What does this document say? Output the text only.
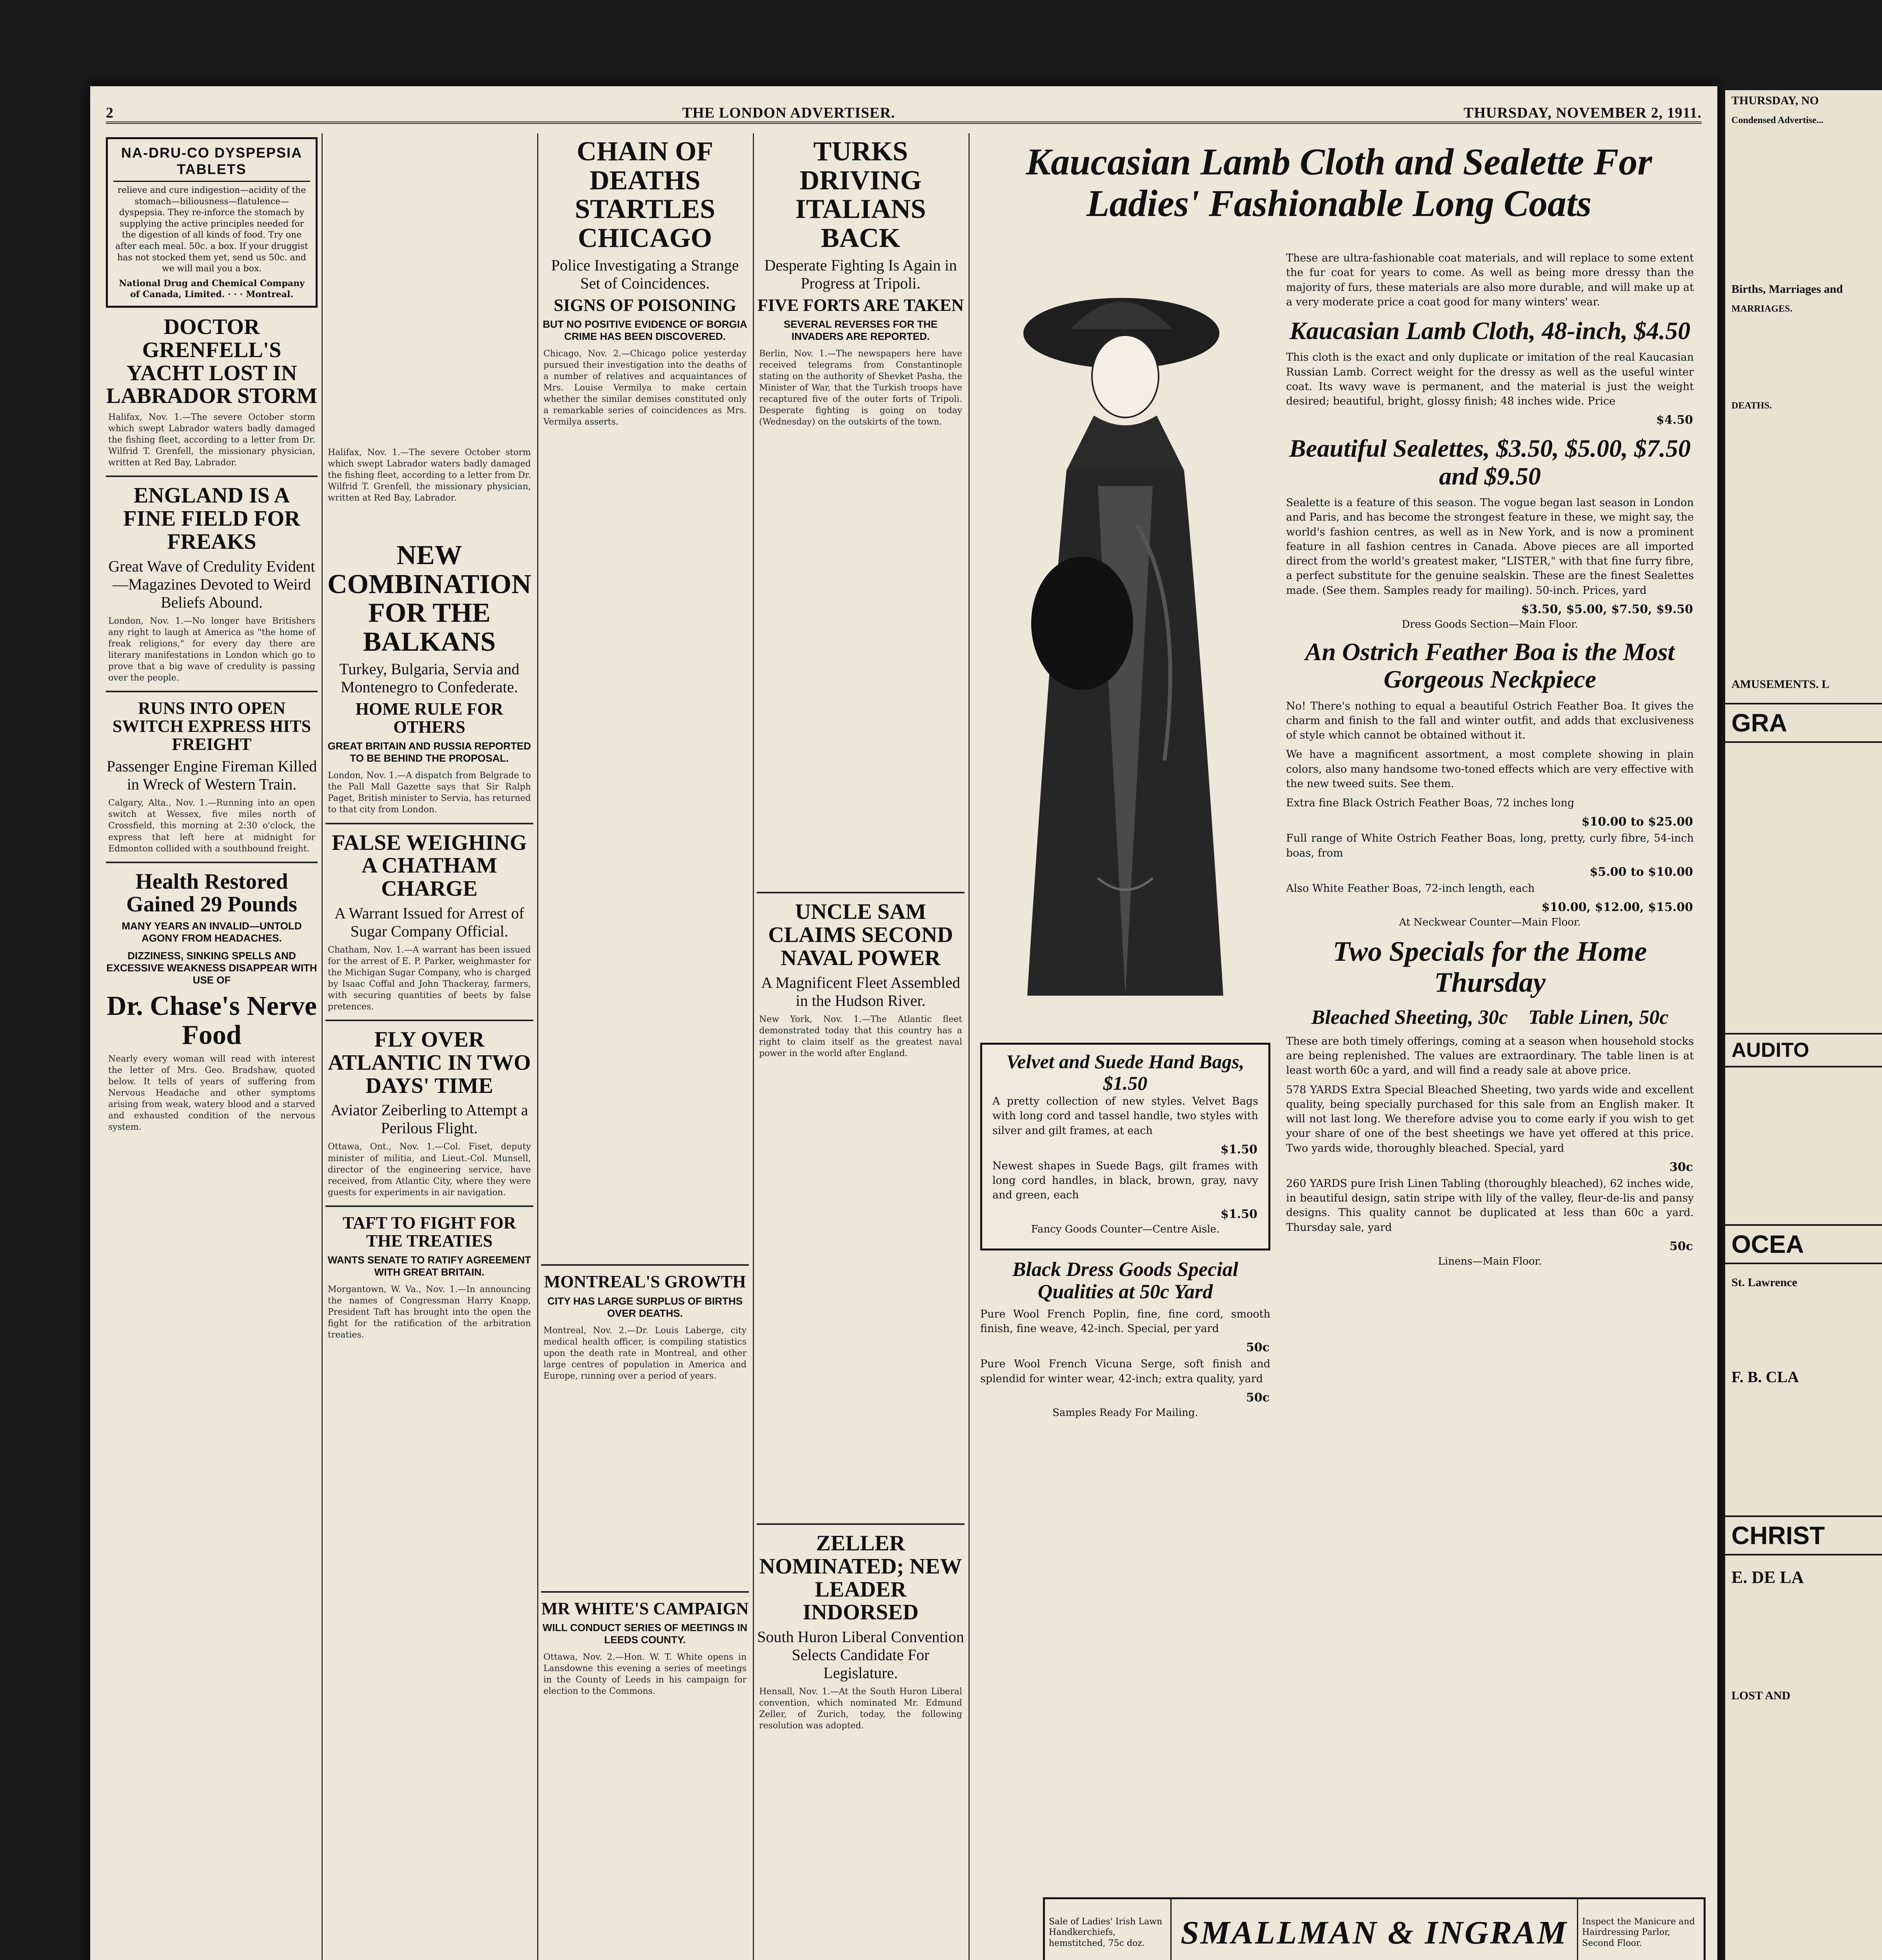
2	THE LONDON ADVERTISER.	THURSDAY, NOVEMBER 2, 1911.
NA-DRU-CO DYSPEPSIA TABLETS
relieve and cure indigestion—acidity of the stomach—biliousness—flatulence—dyspepsia. They re-inforce the stomach by supplying the active principles needed for the digestion of all kinds of food. Try one after each meal. 50c. a box. If your druggist has not stocked them yet, send us 50c. and we will mail you a box.
National Drug and Chemical Company of Canada, Limited. · · · Montreal.
DOCTOR GRENFELL'S YACHT LOST IN LABRADOR STORM
Halifax, Nov. 1.—The severe October storm which swept Labrador waters badly damaged the fishing fleet, according to a letter from Dr. Wilfrid T. Grenfell, the missionary physician, written at Red Bay, Labrador.
ENGLAND IS A FINE FIELD FOR FREAKS
Great Wave of Credulity Evident—Magazines Devoted to Weird Beliefs Abound.
London, Nov. 1.—No longer have Britishers any right to laugh at America as "the home of freak religions," for every day there are literary manifestations in London which go to prove that a big wave of credulity is passing over the people.
RUNS INTO OPEN SWITCH EXPRESS HITS FREIGHT
Passenger Engine Fireman Killed in Wreck of Western Train.
Calgary, Alta., Nov. 1.—Running into an open switch at Wessex, five miles north of Crossfield, this morning at 2:30 o'clock, the express that left here at midnight for Edmonton collided with a southbound freight.
Health Restored Gained 29 Pounds
MANY YEARS AN INVALID—UNTOLD AGONY FROM HEADACHES.
DIZZINESS, SINKING SPELLS AND EXCESSIVE WEAKNESS DISAPPEAR WITH USE OF
Dr. Chase's Nerve Food
Nearly every woman will read with interest the letter of Mrs. Geo. Bradshaw, quoted below. It tells of years of suffering from Nervous Headache and other symptoms arising from weak, watery blood and a starved and exhausted condition of the nervous system.
NEW COMBINATION FOR THE BALKANS
Turkey, Bulgaria, Servia and Montenegro to Confederate.
HOME RULE FOR OTHERS
GREAT BRITAIN AND RUSSIA REPORTED TO BE BEHIND THE PROPOSAL.
London, Nov. 1.—A dispatch from Belgrade to the Pall Mall Gazette says that Sir Ralph Paget, British minister to Servia, has returned to that city from London.
FALSE WEIGHING A CHATHAM CHARGE
A Warrant Issued for Arrest of Sugar Company Official.
Chatham, Nov. 1.—A warrant has been issued for the arrest of E. P. Parker, weighmaster for the Michigan Sugar Company, who is charged by Isaac Coffal and John Thackeray, farmers, with securing quantities of beets by false pretences.
FLY OVER ATLANTIC IN TWO DAYS' TIME
Aviator Zeiberling to Attempt a Perilous Flight.
Ottawa, Ont., Nov. 1.—Col. Fiset, deputy minister of militia, and Lieut.-Col. Munsell, director of the engineering service, have received, from Atlantic City, where they were guests for experiments in air navigation.
TAFT TO FIGHT FOR THE TREATIES
WANTS SENATE TO RATIFY AGREEMENT WITH GREAT BRITAIN.
Morgantown, W. Va., Nov. 1.—In announcing the names of Congressman Harry Knapp, President Taft has brought into the open the fight for the ratification of the arbitration treaties.
Halifax, Nov. 1.—The severe October storm which swept Labrador waters badly damaged the fishing fleet, according to a letter from Dr. Wilfrid T. Grenfell, the missionary physician, written at Red Bay, Labrador.
CHAIN OF DEATHS STARTLES CHICAGO
Police Investigating a Strange Set of Coincidences.
SIGNS OF POISONING
BUT NO POSITIVE EVIDENCE OF BORGIA CRIME HAS BEEN DISCOVERED.
Chicago, Nov. 2.—Chicago police yesterday pursued their investigation into the deaths of a number of relatives and acquaintances of Mrs. Louise Vermilya to make certain whether the similar demises constituted only a remarkable series of coincidences as Mrs. Vermilya asserts.
MONTREAL'S GROWTH
CITY HAS LARGE SURPLUS OF BIRTHS OVER DEATHS.
Montreal, Nov. 2.—Dr. Louis Laberge, city medical health officer, is compiling statistics upon the death rate in Montreal, and other large centres of population in America and Europe, running over a period of years.
MR WHITE'S CAMPAIGN
WILL CONDUCT SERIES OF MEETINGS IN LEEDS COUNTY.
Ottawa, Nov. 2.—Hon. W. T. White opens in Lansdowne this evening a series of meetings in the County of Leeds in his campaign for election to the Commons.
TURKS DRIVING ITALIANS BACK
Desperate Fighting Is Again in Progress at Tripoli.
FIVE FORTS ARE TAKEN
SEVERAL REVERSES FOR THE INVADERS ARE REPORTED.
Berlin, Nov. 1.—The newspapers here have received telegrams from Constantinople stating on the authority of Shevket Pasha, the Minister of War, that the Turkish troops have recaptured five of the outer forts of Tripoli. Desperate fighting is going on today (Wednesday) on the outskirts of the town.
UNCLE SAM CLAIMS SECOND NAVAL POWER
A Magnificent Fleet Assembled in the Hudson River.
New York, Nov. 1.—The Atlantic fleet demonstrated today that this country has a right to claim itself as the greatest naval power in the world after England.
ZELLER NOMINATED; NEW LEADER INDORSED
South Huron Liberal Convention Selects Candidate For Legislature.
Hensall, Nov. 1.—At the South Huron Liberal convention, which nominated Mr. Edmund Zeller, of Zurich, today, the following resolution was adopted.
Kaucasian Lamb Cloth and Sealette For Ladies' Fashionable Long Coats
Velvet and Suede Hand Bags, $1.50
A pretty collection of new styles. Velvet Bags with long cord and tassel handle, two styles with silver and gilt frames, at each
$1.50
Newest shapes in Suede Bags, gilt frames with long cord handles, in black, brown, gray, navy and green, each
$1.50
Fancy Goods Counter—Centre Aisle.
Black Dress Goods Special Qualities at 50c Yard
Pure Wool French Poplin, fine, fine cord, smooth finish, fine weave, 42-inch. Special, per yard
50c
Pure Wool French Vicuna Serge, soft finish and splendid for winter wear, 42-inch; extra quality, yard
50c
Samples Ready For Mailing.
These are ultra-fashionable coat materials, and will replace to some extent the fur coat for years to come. As well as being more dressy than the majority of furs, these materials are also more durable, and will make up at a very moderate price a coat good for many winters' wear.
Kaucasian Lamb Cloth, 48-inch, $4.50
This cloth is the exact and only duplicate or imitation of the real Kaucasian Russian Lamb. Correct weight for the dressy as well as the useful winter coat. Its wavy wave is permanent, and the material is just the weight desired; beautiful, bright, glossy finish; 48 inches wide. Price
$4.50
Beautiful Sealettes, $3.50, $5.00, $7.50 and $9.50
Sealette is a feature of this season. The vogue began last season in London and Paris, and has become the strongest feature in these, we might say, the world's fashion centres, as well as in New York, and is now a prominent feature in all fashion centres in Canada. Above pieces are all imported direct from the world's greatest maker, "LISTER," with that fine furry fibre, a perfect substitute for the genuine sealskin. These are the finest Sealettes made. (See them. Samples ready for mailing). 50-inch. Prices, yard
$3.50, $5.00, $7.50, $9.50
Dress Goods Section—Main Floor.
An Ostrich Feather Boa is the Most Gorgeous Neckpiece
No! There's nothing to equal a beautiful Ostrich Feather Boa. It gives the charm and finish to the fall and winter outfit, and adds that exclusiveness of style which cannot be obtained without it.
We have a magnificent assortment, a most complete showing in plain colors, also many handsome two-toned effects which are very effective with the new tweed suits. See them.
Extra fine Black Ostrich Feather Boas, 72 inches long
$10.00 to $25.00
Full range of White Ostrich Feather Boas, long, pretty, curly fibre, 54-inch boas, from
$5.00 to $10.00
Also White Feather Boas, 72-inch length, each
$10.00, $12.00, $15.00
At Neckwear Counter—Main Floor.
Two Specials for the Home Thursday
Bleached Sheeting, 30c    Table Linen, 50c
These are both timely offerings, coming at a season when household stocks are being replenished. The values are extraordinary. The table linen is at least worth 60c a yard, and will find a ready sale at above price.
578 YARDS Extra Special Bleached Sheeting, two yards wide and excellent quality, being specially purchased for this sale from an English maker. It will not last long. We therefore advise you to come early if you wish to get your share of one of the best sheetings we have yet offered at this price. Two yards wide, thoroughly bleached. Special, yard
30c
260 YARDS pure Irish Linen Tabling (thoroughly bleached), 62 inches wide, in beautiful design, satin stripe with lily of the valley, fleur-de-lis and pansy designs. This quality cannot be duplicated at less than 60c a yard. Thursday sale, yard
50c
Linens—Main Floor.
Sale of Ladies' Irish Lawn Handkerchiefs, hemstitched, 75c doz.	SMALLMAN & INGRAM	Inspect the Manicure and Hairdressing Parlor, Second Floor.
THURSDAY, NO
Condensed Advertise...
Births, Marriages and
MARRIAGES.
DEATHS.
AMUSEMENTS. L
GRA
AUDITO
OCEA
St. Lawrence
F. B. CLA
CHRIST
E. DE LA
LOST AND
